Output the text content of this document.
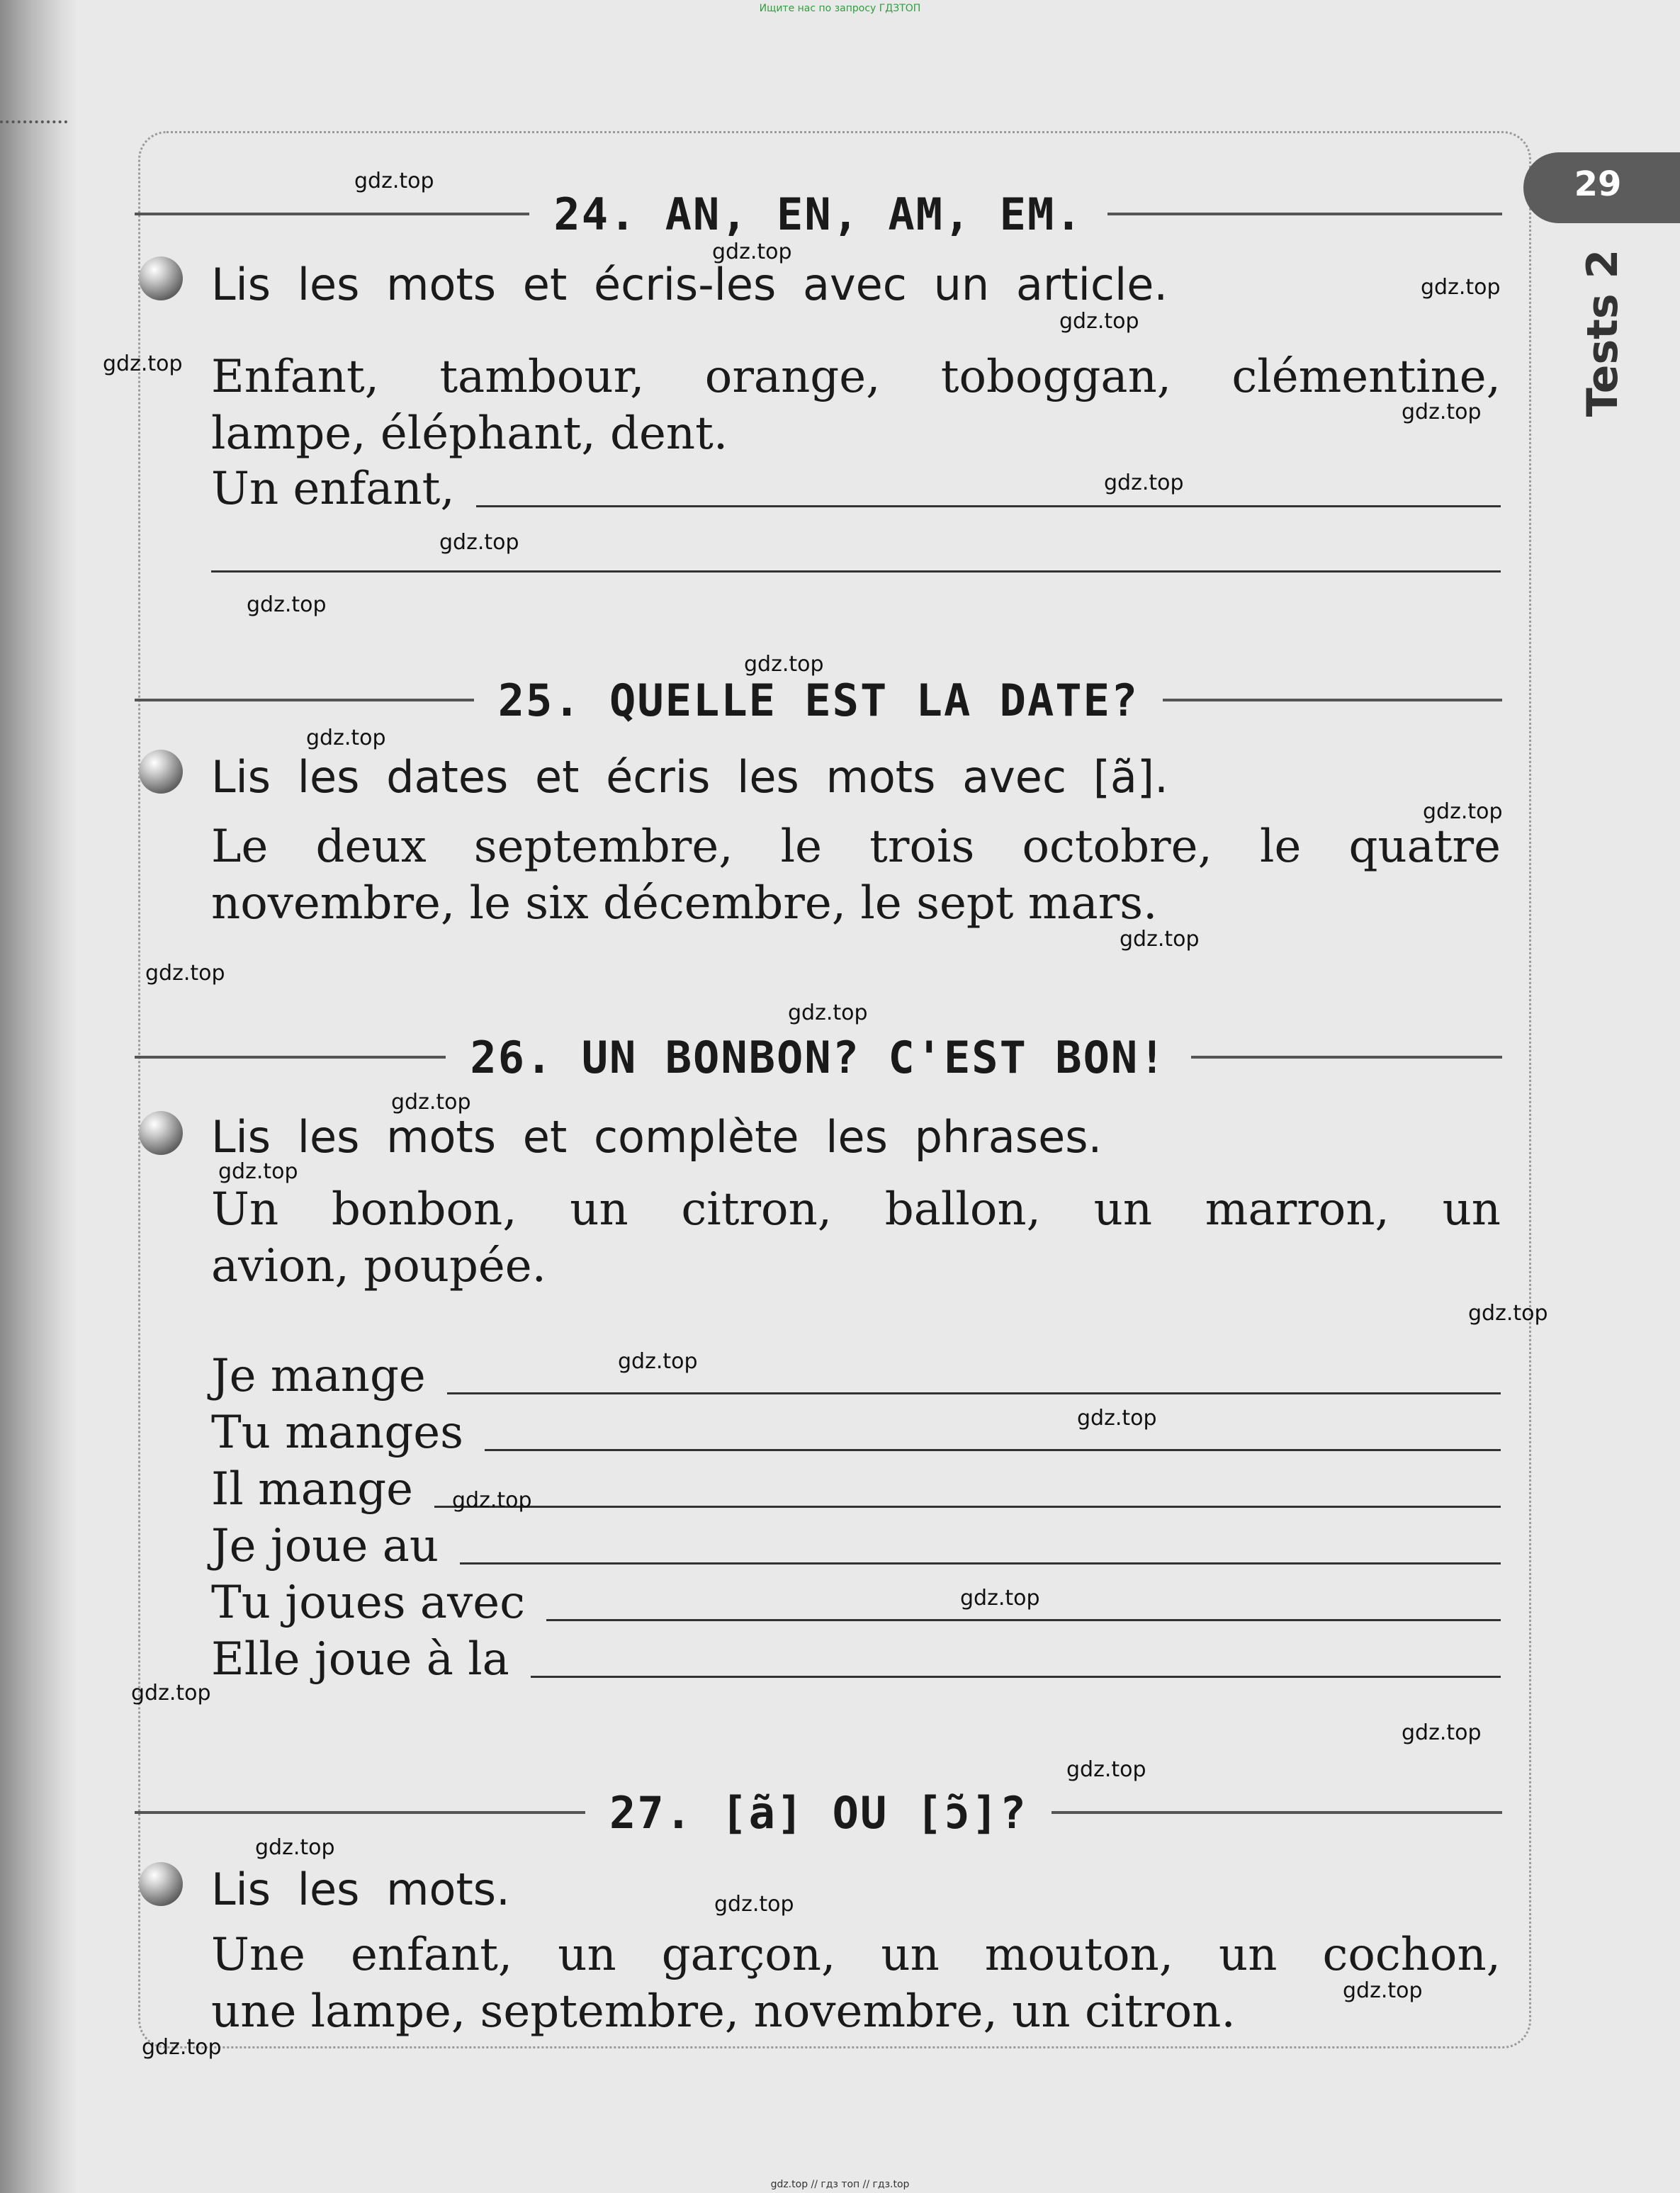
Ищите нас по запросу ГДЗТОП
29
Tests 2
24. AN, EN, AM, EM.
Lis les mots et écris-les avec un article.
Enfant, tambour, orange, toboggan, clémentine,
lampe, éléphant, dent.
Un enfant,
25. QUELLE EST LA DATE?
Lis les dates et écris les mots avec [ã].
Le deux septembre, le trois octobre, le quatre
novembre, le six décembre, le sept mars.
26. UN BONBON? C'EST BON!
Lis les mots et complète les phrases.
Un bonbon, un citron, ballon, un marron, un
avion, poupée.
Je mange
Tu manges
Il mange
Je joue au
Tu joues avec
Elle joue à la
27. [ã] OU [ɔ̃]?
Lis les mots.
Une enfant, un garçon, un mouton, un cochon,
une lampe, septembre, novembre, un citron.
gdz.top
gdz.top
gdz.top
gdz.top
gdz.top
gdz.top
gdz.top
gdz.top
gdz.top
gdz.top
gdz.top
gdz.top
gdz.top
gdz.top
gdz.top
gdz.top
gdz.top
gdz.top
gdz.top
gdz.top
gdz.top
gdz.top
gdz.top
gdz.top
gdz.top
gdz.top
gdz.top
gdz.top
gdz.top
gdz.top // гдз топ // гдз.top
